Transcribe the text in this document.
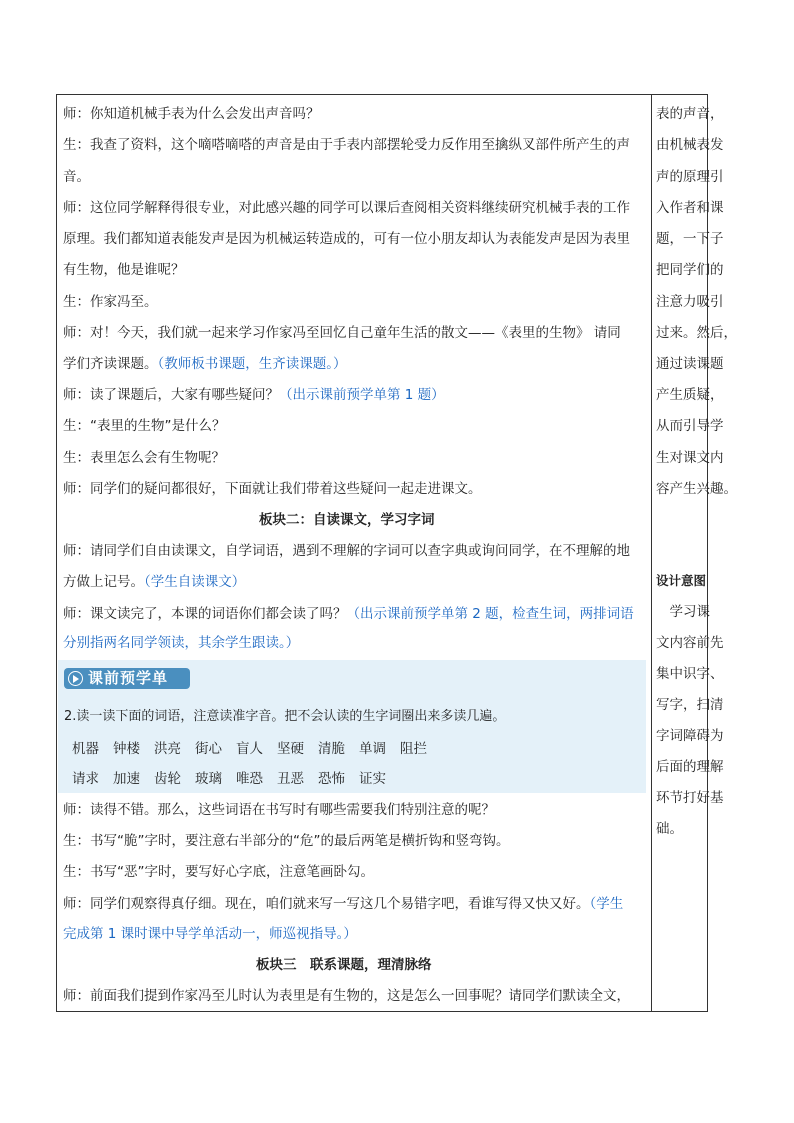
师：你知道机械手表为什么会发出声音吗？
生：我查了资料，这个嘀嗒嘀嗒的声音是由于手表内部摆轮受力反作用至擒纵叉部件所产生的声
音。
师：这位同学解释得很专业，对此感兴趣的同学可以课后查阅相关资料继续研究机械手表的工作
原理。我们都知道表能发声是因为机械运转造成的，可有一位小朋友却认为表能发声是因为表里
有生物，他是谁呢？
生：作家冯至。
师：对！今天，我们就一起来学习作家冯至回忆自己童年生活的散文——《表里的生物》 请同
学们齐读课题。（教师板书课题，生齐读课题。）
师：读了课题后，大家有哪些疑问？（出示课前预学单第 1 题）
生：“表里的生物”是什么？
生：表里怎么会有生物呢？
师：同学们的疑问都很好，下面就让我们带着这些疑问一起走进课文。
板块二：自读课文，学习字词
师：请同学们自由读课文，自学词语，遇到不理解的字词可以查字典或询问同学，在不理解的地
方做上记号。（学生自读课文）
师：课文读完了，本课的词语你们都会读了吗？（出示课前预学单第 2 题，检查生词，两排词语
分别指两名同学领读，其余学生跟读。）
课前预学单
2.读一读下面的词语，注意读准字音。把不会认读的生字词圈出来多读几遍。
机器 钟楼 洪亮 街心 盲人 坚硬 清脆 单调 阻拦
请求 加速 齿轮 玻璃 唯恐 丑恶 恐怖 证实
师：读得不错。那么，这些词语在书写时有哪些需要我们特别注意的呢？
生：书写“脆”字时，要注意右半部分的“危”的最后两笔是横折钩和竖弯钩。
生：书写“恶”字时，要写好心字底，注意笔画卧勾。
师：同学们观察得真仔细。现在，咱们就来写一写这几个易错字吧，看谁写得又快又好。（学生
完成第 1 课时课中导学单活动一，师巡视指导。）
板块三　联系课题，理清脉络
师：前面我们提到作家冯至儿时认为表里是有生物的，这是怎么一回事呢？请同学们默读全文，
表的声音，
由机械表发
声的原理引
入作者和课
题，一下子
把同学们的
注意力吸引
过来。然后，
通过读课题
产生质疑，
从而引导学
生对课文内
容产生兴趣。
设计意图
　学习课
文内容前先
集中识字、
写字，扫清
字词障碍为
后面的理解
环节打好基
础。
